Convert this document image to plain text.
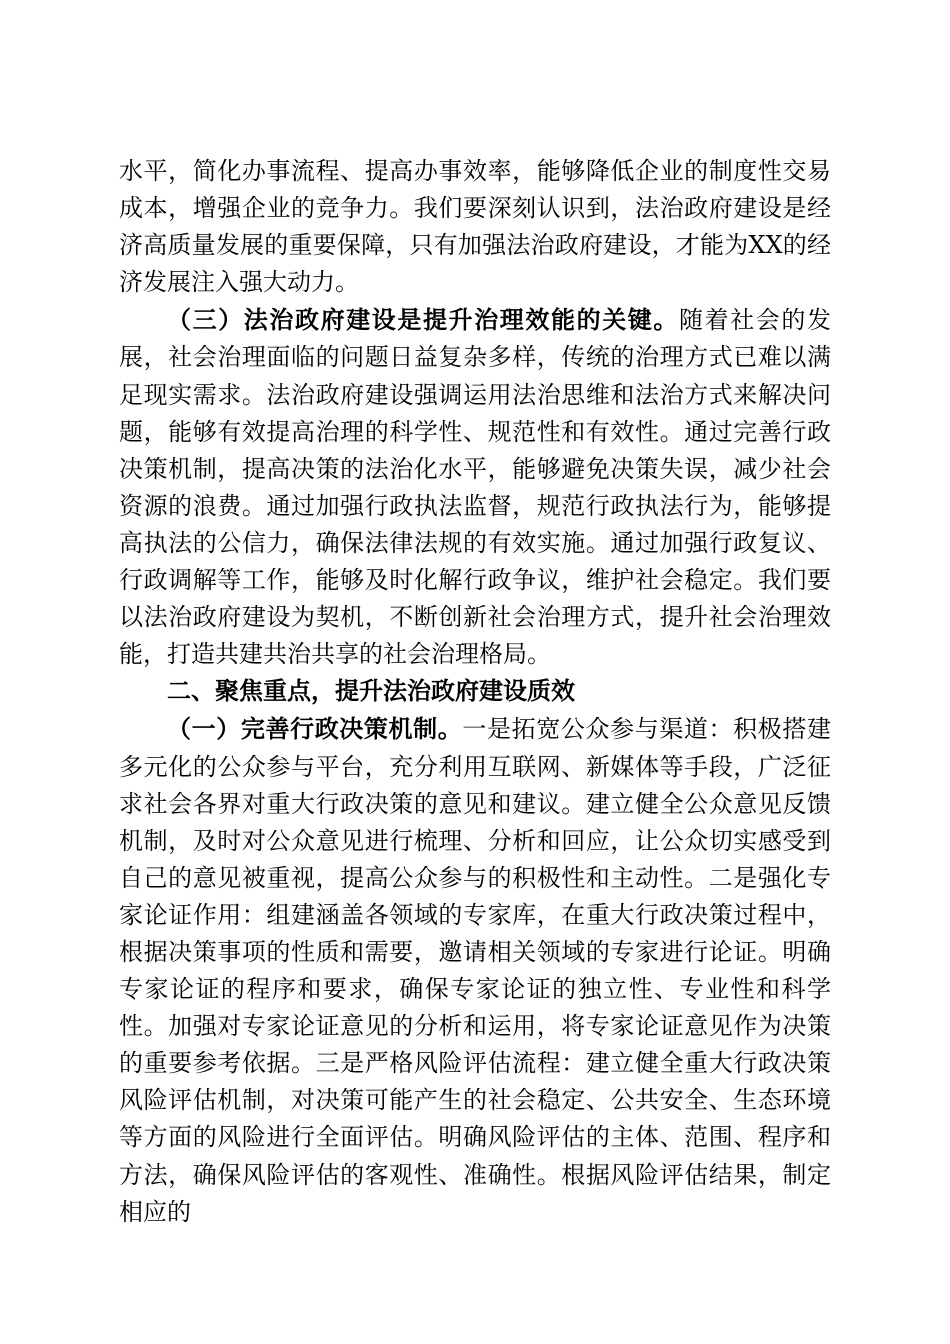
水平，简化办事流程、提高办事效率，能够降低企业的制度性交易成本，增强企业的竞争力。我们要深刻认识到，法治政府建设是经济高质量发展的重要保障，只有加强法治政府建设，才能为XX的经济发展注入强大动力。

（三）法治政府建设是提升治理效能的关键。随着社会的发展，社会治理面临的问题日益复杂多样，传统的治理方式已难以满足现实需求。法治政府建设强调运用法治思维和法治方式来解决问题，能够有效提高治理的科学性、规范性和有效性。通过完善行政决策机制，提高决策的法治化水平，能够避免决策失误，减少社会资源的浪费。通过加强行政执法监督，规范行政执法行为，能够提高执法的公信力，确保法律法规的有效实施。通过加强行政复议、行政调解等工作，能够及时化解行政争议，维护社会稳定。我们要以法治政府建设为契机，不断创新社会治理方式，提升社会治理效能，打造共建共治共享的社会治理格局。

二、聚焦重点，提升法治政府建设质效

（一）完善行政决策机制。一是拓宽公众参与渠道：积极搭建多元化的公众参与平台，充分利用互联网、新媒体等手段，广泛征求社会各界对重大行政决策的意见和建议。建立健全公众意见反馈机制，及时对公众意见进行梳理、分析和回应，让公众切实感受到自己的意见被重视，提高公众参与的积极性和主动性。二是强化专家论证作用：组建涵盖各领域的专家库，在重大行政决策过程中，根据决策事项的性质和需要，邀请相关领域的专家进行论证。明确专家论证的程序和要求，确保专家论证的独立性、专业性和科学性。加强对专家论证意见的分析和运用，将专家论证意见作为决策的重要参考依据。三是严格风险评估流程：建立健全重大行政决策风险评估机制，对决策可能产生的社会稳定、公共安全、生态环境等方面的风险进行全面评估。明确风险评估的主体、范围、程序和方法，确保风险评估的客观性、准确性。根据风险评估结果，制定相应的
